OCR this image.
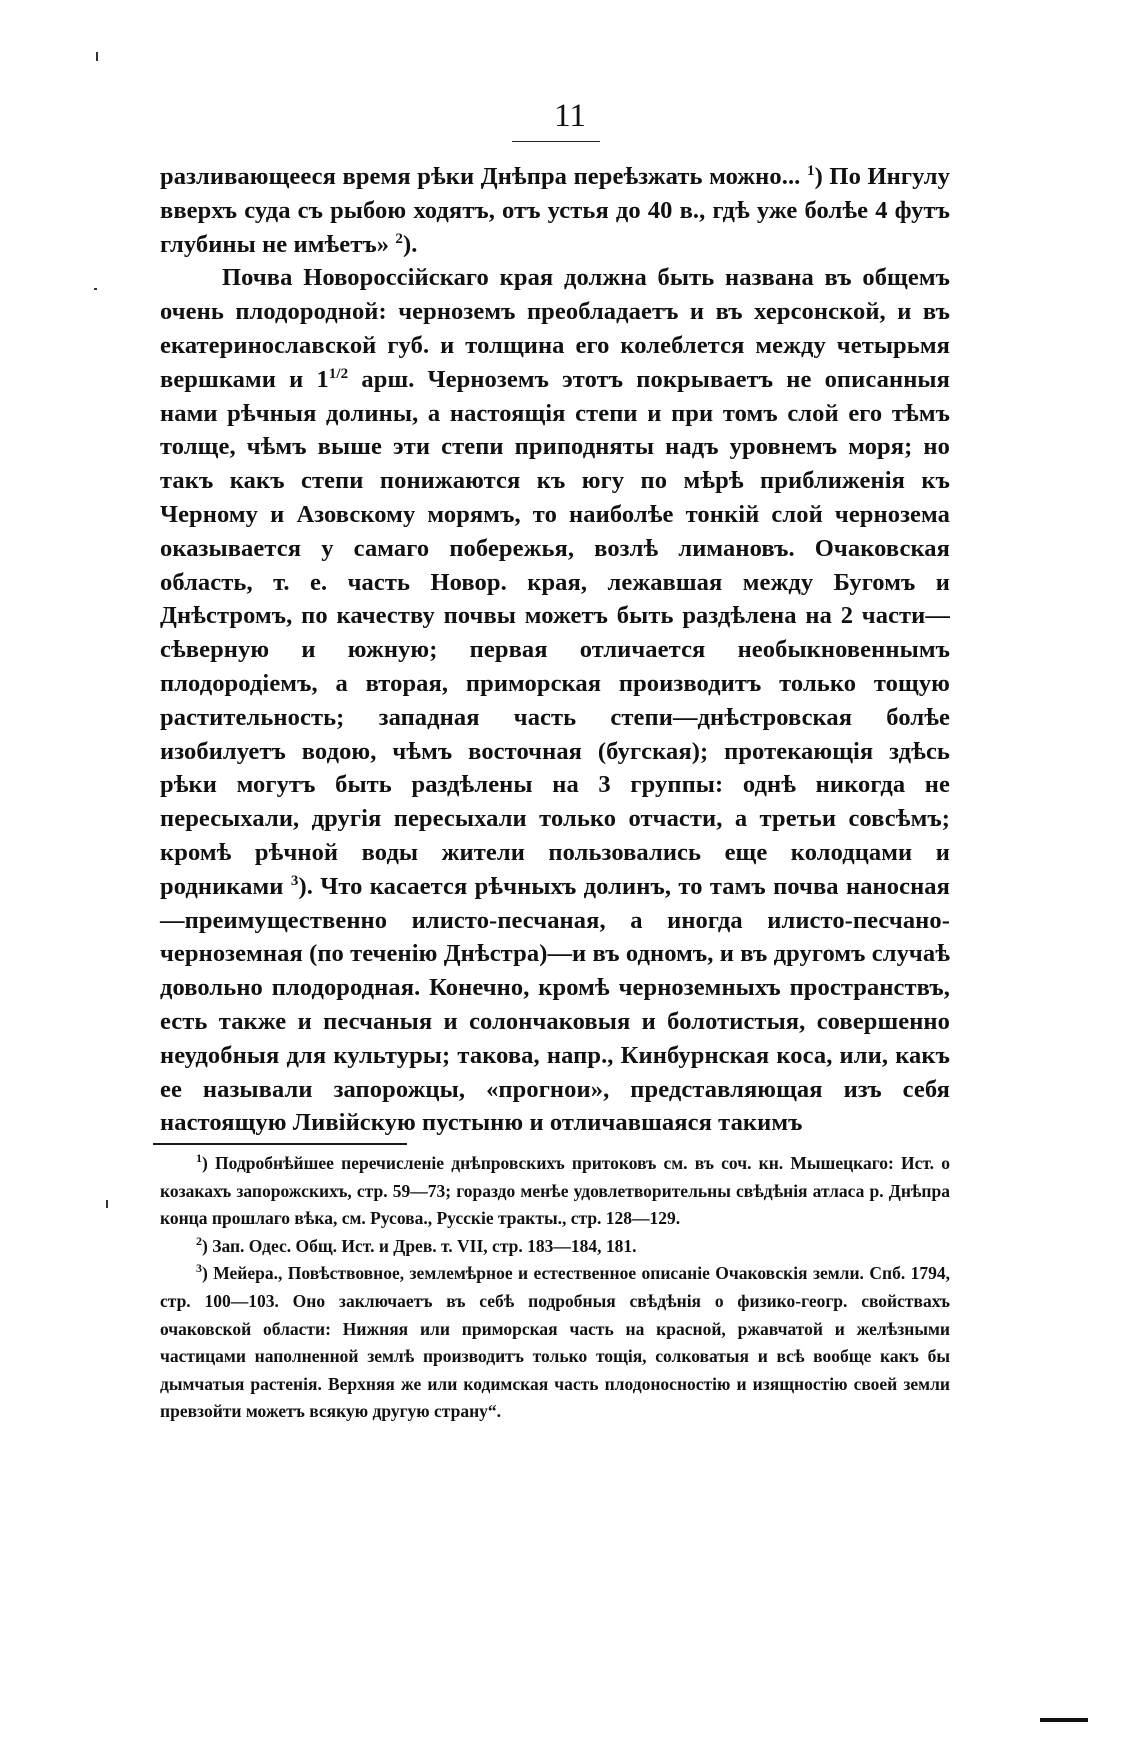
11

разливающееся время рѣки Днѣпра переѣзжать можно... $^1$) По Ингулу вверхъ суда съ рыбою ходятъ, отъ устья до 40 в., гдѣ уже болѣе 4 футъ глубины не имѣетъ» $^2$).

Почва Новороссійскаго края должна быть названа въ общемъ очень плодородной: черноземъ преобладаетъ и въ херсонской, и въ екатеринославской губ. и толщина его колеблется между четырьмя вершками и $1^{1/2}$ арш. Черноземъ этотъ покрываетъ не описанныя нами рѣчныя долины, а настоящія степи и при томъ слой его тѣмъ толще, чѣмъ выше эти степи приподняты надъ уровнемъ моря; но такъ какъ степи понижаются къ югу по мѣрѣ приближенія къ Черному и Азовскому морямъ, то наиболѣе тонкій слой чернозема оказывается у самаго побережья, возлѣ лимановъ. Очаковская область, т. е. часть Новор. края, лежавшая между Бугомъ и Днѣстромъ, по качеству почвы можетъ быть раздѣлена на 2 части—сѣверную и южную; первая отличается необыкновеннымъ плодородіемъ, а вторая, приморская производитъ только тощую растительность; западная часть степи—днѣстровская болѣе изобилуетъ водою, чѣмъ восточная (бугская); протекающія здѣсь рѣки могутъ быть раздѣлены на 3 группы: однѣ никогда не пересыхали, другія пересыхали только отчасти, а третьи совсѣмъ; кромѣ рѣчной воды жители пользовались еще колодцами и родниками $^3$). Что касается рѣчныхъ долинъ, то тамъ почва наносная—преимущественно илисто-песчаная, а иногда илисто-песчано-черноземная (по теченію Днѣстра)—и въ одномъ, и въ другомъ случаѣ довольно плодородная. Конечно, кромѣ черноземныхъ пространствъ, есть также и песчаныя и солончаковыя и болотистыя, совершенно неудобныя для культуры; такова, напр., Кинбурнская коса, или, какъ ее называли запорожцы, «прогнои», представляющая изъ себя настоящую Ливійскую пустыню и отличавшаяся такимъ

$^1$) Подробнѣйшее перечисленіе днѣпровскихъ притоковъ см. въ соч. кн. Мышецкаго: Ист. о козакахъ запорожскихъ, стр. 59—73; гораздо менѣе удовлетворительны свѣдѣнія атласа р. Днѣпра конца прошлаго вѣка, см. Русова., Русскіе тракты., стр. 128—129.

$^2$) Зап. Одес. Общ. Ист. и Древ. т. VII, стр. 183—184, 181.

$^3$) Мейера., Повѣствовное, землемѣрное и естественное описаніе Очаковскія земли. Спб. 1794, стр. 100—103. Оно заключаетъ въ себѣ подробныя свѣдѣнія о физико-геогр. свойствахъ очаковской области: Нижняя или приморская часть на красной, ржавчатой и желѣзными частицами наполненной землѣ производитъ только тощія, солковатыя и всѣ вообще какъ бы дымчатыя растенія. Верхняя же или кодимская часть плодоносностію и изящностію своей земли превзойти можетъ всякую другую страну“.
